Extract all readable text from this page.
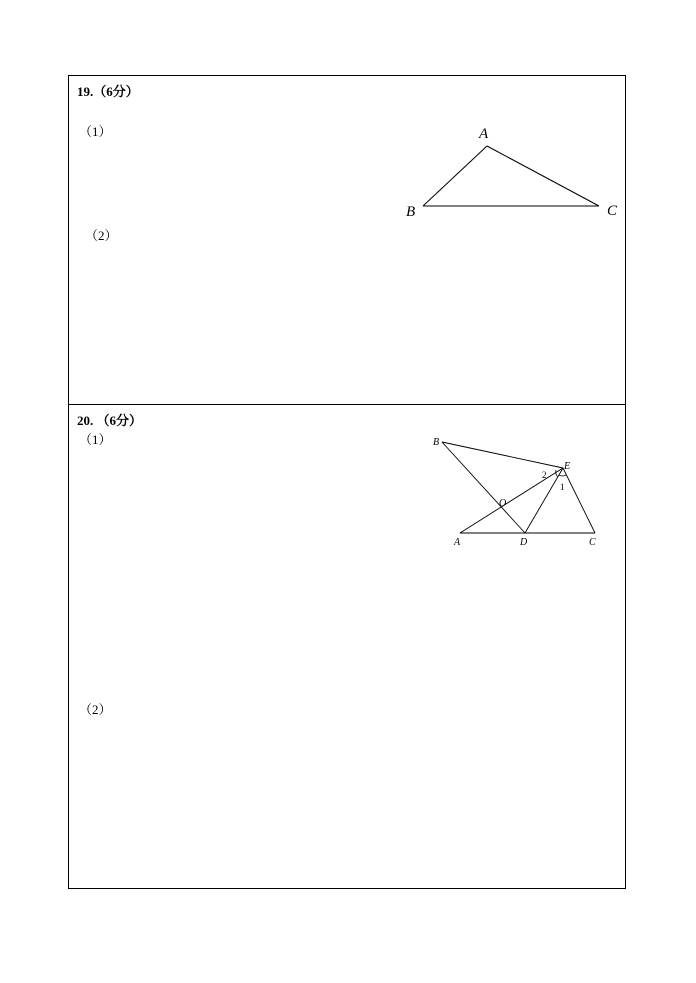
19.（6分）
（1）
（2）
A
B	C
20. （6分）
（1）
（2）
B
E
O
A	D	C
1
2
